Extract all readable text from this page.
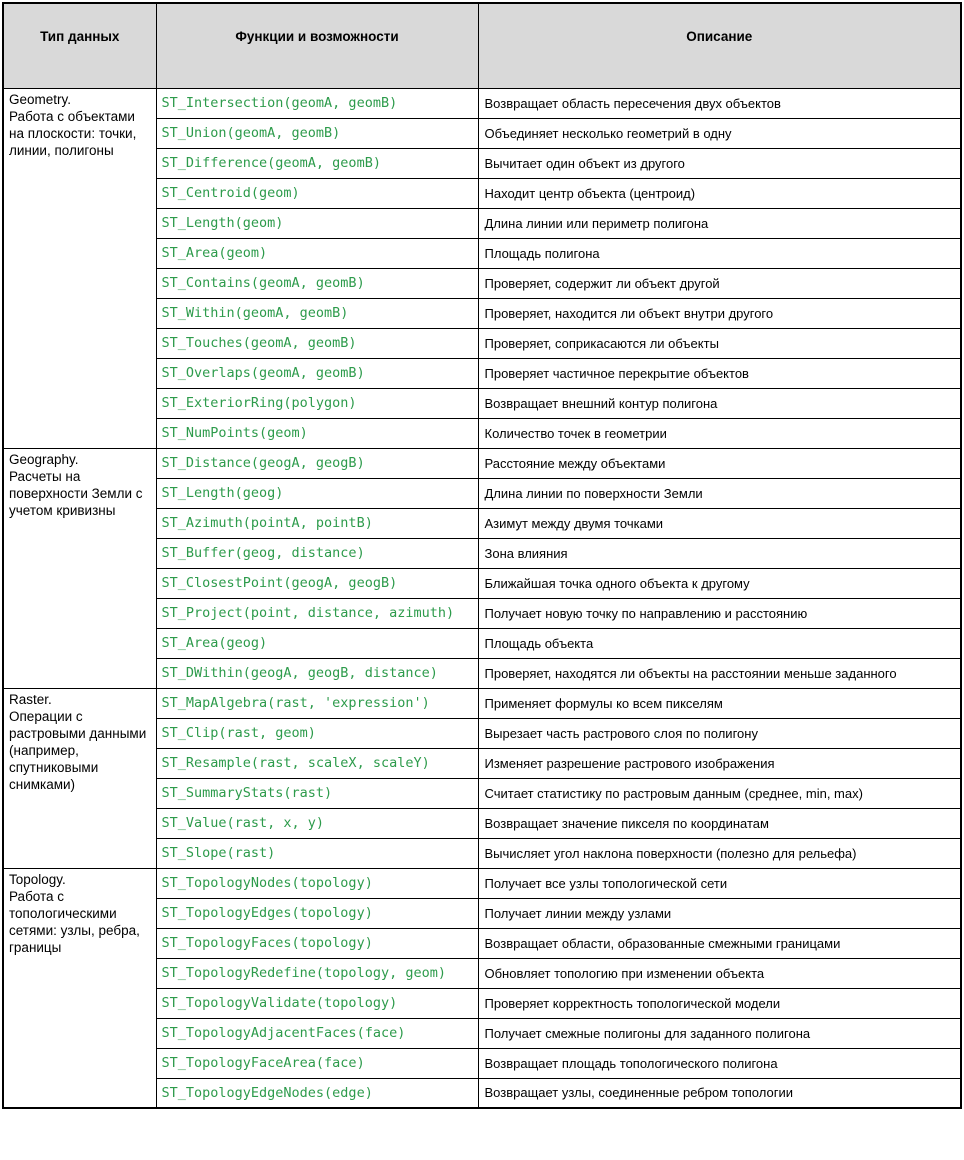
Тип данных	Функции и возможности	Описание

Geometry.
Работа с объектами на плоскости: точки, линии, полигоны	ST_Intersection(geomA, geomB)	Возвращает область пересечения двух объектов
	ST_Union(geomA, geomB)	Объединяет несколько геометрий в одну
	ST_Difference(geomA, geomB)	Вычитает один объект из другого
	ST_Centroid(geom)	Находит центр объекта (центроид)
	ST_Length(geom)	Длина линии или периметр полигона
	ST_Area(geom)	Площадь полигона
	ST_Contains(geomA, geomB)	Проверяет, содержит ли объект другой
	ST_Within(geomA, geomB)	Проверяет, находится ли объект внутри другого
	ST_Touches(geomA, geomB)	Проверяет, соприкасаются ли объекты
	ST_Overlaps(geomA, geomB)	Проверяет частичное перекрытие объектов
	ST_ExteriorRing(polygon)	Возвращает внешний контур полигона
	ST_NumPoints(geom)	Количество точек в геометрии

Geography.
Расчеты на поверхности Земли с учетом кривизны	ST_Distance(geogA, geogB)	Расстояние между объектами
	ST_Length(geog)	Длина линии по поверхности Земли
	ST_Azimuth(pointA, pointB)	Азимут между двумя точками
	ST_Buffer(geog, distance)	Зона влияния
	ST_ClosestPoint(geogA, geogB)	Ближайшая точка одного объекта к другому
	ST_Project(point, distance, azimuth)	Получает новую точку по направлению и расстоянию
	ST_Area(geog)	Площадь объекта
	ST_DWithin(geogA, geogB, distance)	Проверяет, находятся ли объекты на расстоянии меньше заданного

Raster.
Операции с растровыми данными (например, спутниковыми снимками)	ST_MapAlgebra(rast, 'expression')	Применяет формулы ко всем пикселям
	ST_Clip(rast, geom)	Вырезает часть растрового слоя по полигону
	ST_Resample(rast, scaleX, scaleY)	Изменяет разрешение растрового изображения
	ST_SummaryStats(rast)	Считает статистику по растровым данным (среднее, min, max)
	ST_Value(rast, x, y)	Возвращает значение пикселя по координатам
	ST_Slope(rast)	Вычисляет угол наклона поверхности (полезно для рельефа)

Topology.
Работа с топологическими сетями: узлы, ребра, границы	ST_TopologyNodes(topology)	Получает все узлы топологической сети
	ST_TopologyEdges(topology)	Получает линии между узлами
	ST_TopologyFaces(topology)	Возвращает области, образованные смежными границами
	ST_TopologyRedefine(topology, geom)	Обновляет топологию при изменении объекта
	ST_TopologyValidate(topology)	Проверяет корректность топологической модели
	ST_TopologyAdjacentFaces(face)	Получает смежные полигоны для заданного полигона
	ST_TopologyFaceArea(face)	Возвращает площадь топологического полигона
	ST_TopologyEdgeNodes(edge)	Возвращает узлы, соединенные ребром топологии
